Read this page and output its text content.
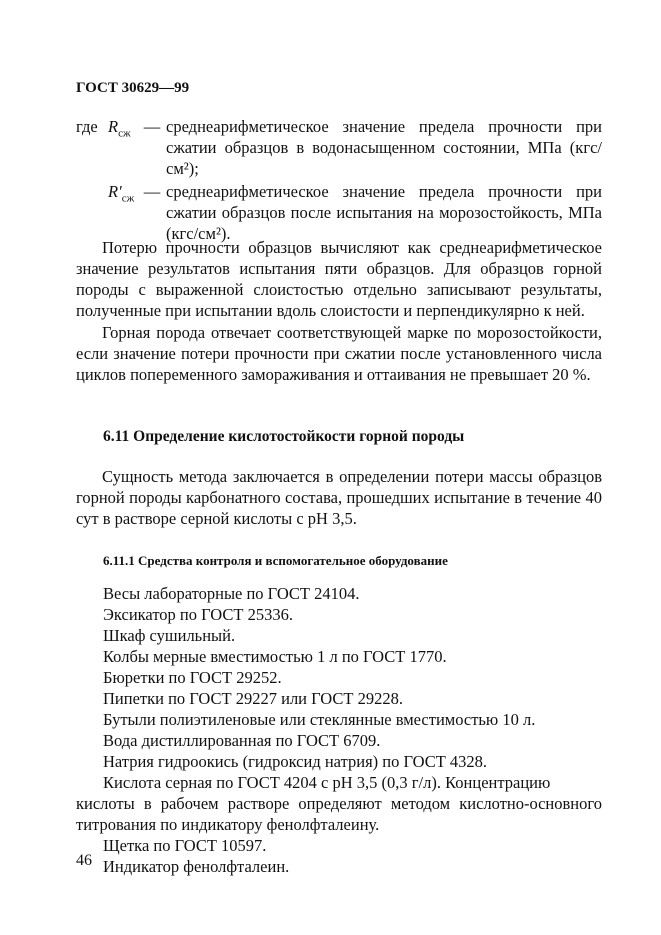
ГОСТ 30629—99
где $R_{сж}$ — среднеарифметическое значение предела прочности при сжатии образцов в водонасыщенном состоянии, МПа (кгс/см²);
$R'_{сж}$ — среднеарифметическое значение предела прочности при сжатии образцов после испытания на морозостойкость, МПа (кгс/см²).
Потерю прочности образцов вычисляют как среднеарифметическое значение результатов испытания пяти образцов. Для образцов горной породы с выраженной слоистостью отдельно записывают результаты, полученные при испытании вдоль слоистости и перпендикулярно к ней.
Горная порода отвечает соответствующей марке по морозостойкости, если значение потери прочности при сжатии после установленного числа циклов попеременного замораживания и оттаивания не превышает 20 %.
6.11 Определение кислотостойкости горной породы
Сущность метода заключается в определении потери массы образцов горной породы карбонатного состава, прошедших испытание в течение 40 сут в растворе серной кислоты с pH 3,5.
6.11.1 Средства контроля и вспомогательное оборудование
Весы лабораторные по ГОСТ 24104.
Эксикатор по ГОСТ 25336.
Шкаф сушильный.
Колбы мерные вместимостью 1 л по ГОСТ 1770.
Бюретки по ГОСТ 29252.
Пипетки по ГОСТ 29227 или ГОСТ 29228.
Бутыли полиэтиленовые или стеклянные вместимостью 10 л.
Вода дистиллированная по ГОСТ 6709.
Натрия гидроокись (гидроксид натрия) по ГОСТ 4328.
Кислота серная по ГОСТ 4204 с pH 3,5 (0,3 г/л). Концентрацию
кислоты в рабочем растворе определяют методом кислотно-основного титрования по индикатору фенолфталеину.
Щетка по ГОСТ 10597.
Индикатор фенолфталеин.
46
